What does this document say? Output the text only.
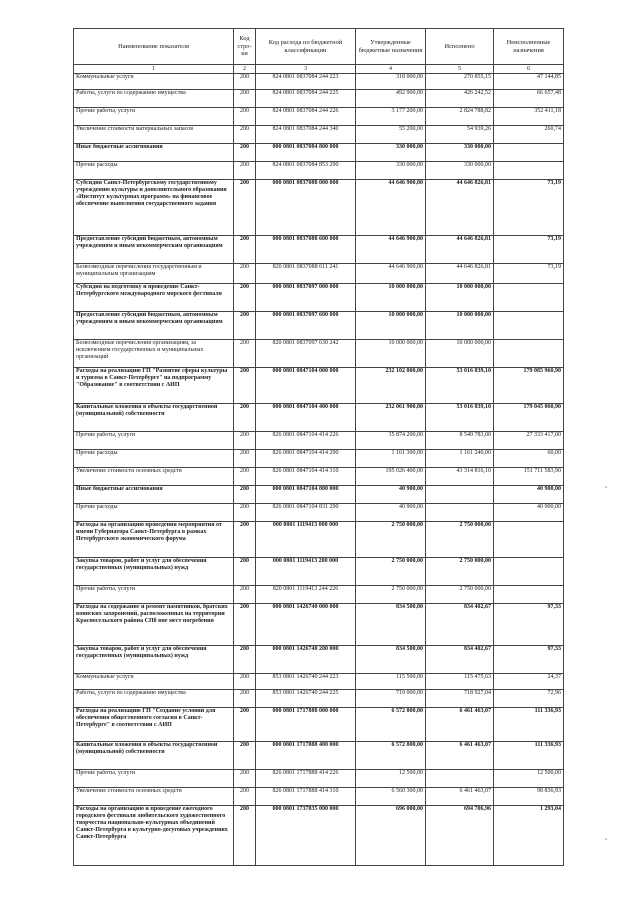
Наименование показателя	Код стро-ки	Код расхода по бюджетной классификации	Утвержденные бюджетные назначения	Исполнено	Неисполненные назначения
1	2	3	4	5	6
Коммунальные услуги	200	824 0801 0837084 244 223	318 000,00	270 855,15	47 144,85
Работы, услуги по содержанию имущества	200	824 0801 0837084 244 225	492 900,00	426 242,52	66 657,48
Прочие работы, услуги	200	824 0801 0837084 244 226	3 177 200,00	2 824 788,82	352 411,18
Увеличение стоимости материальных запасов	200	824 0801 0837084 244 340	55 200,00	54 939,26	260,74
Иные бюджетные ассигнования	200	000 0801 0837084 800 000	330 000,00	330 000,00	
Прочие расходы	200	824 0801 0837084 853 290	330 000,00	330 000,00	
Субсидия Санкт-Петербургскому государственному учреждению культуры и дополнительного образования «Институт культурных программ» на финансовое обеспечение выполнения государственного задания	200	000 0801 0837088 000 000	44 646 900,00	44 646 826,81	73,19
Предоставление субсидий бюджетным, автономным учреждениям и иным некоммерческим организациям	200	000 0801 0837088 600 000	44 646 900,00	44 646 826,81	73,19
Безвозмездные перечисления государственным и муниципальным организациям	200	820 0801 0837088 611 241	44 646 900,00	44 646 826,81	73,19
Субсидия на подготовку и проведение Санкт-Петербургского международного морского фестиваля	200	000 0801 0837097 000 000	10 000 000,00	10 000 000,00	
Предоставление субсидий бюджетным, автономным учреждениям и иным некоммерческим организациям	200	000 0801 0837097 600 000	10 000 000,00	10 000 000,00	
Безвозмездные перечисления организациям, за исключением государственных и муниципальных организаций	200	820 0801 0837097 630 242	10 000 000,00	10 000 000,00	
Расходы на реализацию ГП "Развитие сферы культуры и туризма в Санкт-Петербурге" на подпрограмму "Образование" в соответствии с АИП	200	000 0801 0847104 000 000	232 102 800,00	53 016 839,10	179 085 960,90
Капитальные вложения в объекты государственной (муниципальной) собственности	200	000 0801 0847104 400 000	232 061 900,00	53 016 839,10	179 045 060,90
Прочие работы, услуги	200	826 0801 0847104 414 226	35 874 200,00	8 540 783,00	27 333 417,00
Прочие расходы	200	826 0801 0847104 414 290	1 161 300,00	1 161 240,00	60,00
Увеличение стоимости основных средств	200	826 0801 0847104 414 310	195 026 400,00	43 314 816,10	151 711 583,90
Иные бюджетные ассигнования	200	000 0801 0847104 800 000	40 900,00		40 900,00
Прочие расходы	200	826 0801 0847104 831 290	40 900,00		40 900,00
Расходы на организацию проведения мероприятия от имени Губернатора Санкт-Петербурга в рамках Петербургского экономического форума	200	000 0801 1119413 000 000	2 750 000,00	2 750 000,00	
Закупка товаров, работ и услуг для обеспечения государственных (муниципальных) нужд	200	000 0801 1119413 200 000	2 750 000,00	2 750 000,00	
Прочие работы, услуги	200	820 0801 1119413 244 226	2 750 000,00	2 750 000,00	
Расходы на содержание и ремонт памятников, братских воинских захоронений, расположенных на территории Красносельского района СПб вне мест погребения	200	000 0801 1426740 000 000	834 500,00	834 402,67	97,33
Закупка товаров, работ и услуг для обеспечения государственных (муниципальных) нужд	200	000 0801 1426740 200 000	834 500,00	834 402,67	97,33
Коммунальные услуги	200	853 0801 1426740 244 223	115 500,00	115 475,63	24,37
Работы, услуги по содержанию имущества	200	853 0801 1426740 244 225	719 000,00	718 927,04	72,96
Расходы на реализацию ГП "Создание условий для обеспечения общественного согласия в Санкт-Петербурге" в соответствии с АИП	200	000 0801 1717888 000 000	6 572 800,00	6 461 463,07	111 336,93
Капитальные вложения в объекты государственной (муниципальной) собственности	200	000 0801 1717888 400 000	6 572 800,00	6 461 463,07	111 336,93
Прочие работы, услуги	200	826 0801 1717888 414 226	12 500,00		12 500,00
Увеличение стоимости основных средств	200	826 0801 1717888 414 310	6 560 300,00	6 461 463,07	98 836,93
Расходы на организацию и проведение ежегодного городского фестиваля любительского художественного творчества национально-культурных объединений Санкт-Петербурга в культурно-досуговых учреждениях Санкт-Петербурга	200	000 0801 1737835 000 000	696 000,00	694 706,96	1 293,04
